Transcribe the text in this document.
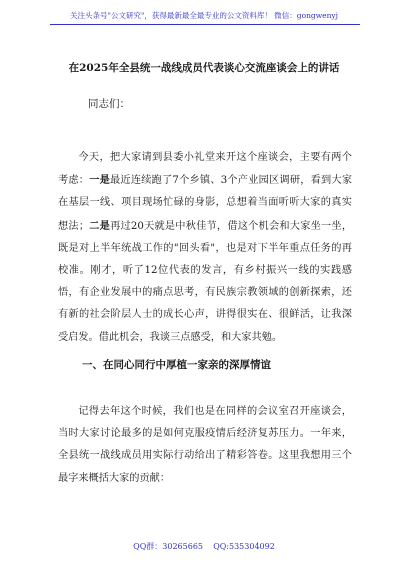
关注头条号"公文研究"，获得最新最全最专业的公文资料库！ 微信：gongwenyj
在2025年全县统一战线成员代表谈心交流座谈会上的讲话
同志们：

今天，把大家请到县委小礼堂来开这个座谈会，主要有两个考虑：一是最近连续跑了7个乡镇、3个产业园区调研，看到大家在基层一线、项目现场忙碌的身影，总想着当面听听大家的真实想法；二是再过20天就是中秋佳节，借这个机会和大家坐一坐，既是对上半年统战工作的"回头看"，也是对下半年重点任务的再校准。刚才，听了12位代表的发言，有乡村振兴一线的实践感悟，有企业发展中的痛点思考，有民族宗教领域的创新探索，还有新的社会阶层人士的成长心声，讲得很实在、很鲜活，让我深受启发。借此机会，我谈三点感受，和大家共勉。

一、在同心同行中厚植一家亲的深厚情谊

记得去年这个时候，我们也是在同样的会议室召开座谈会，当时大家讨论最多的是如何克服疫情后经济复苏压力。一年来，全县统一战线成员用实际行动给出了精彩答卷。这里我想用三个最字来概括大家的贡献：

QQ群：30265665 QQ:535304092
